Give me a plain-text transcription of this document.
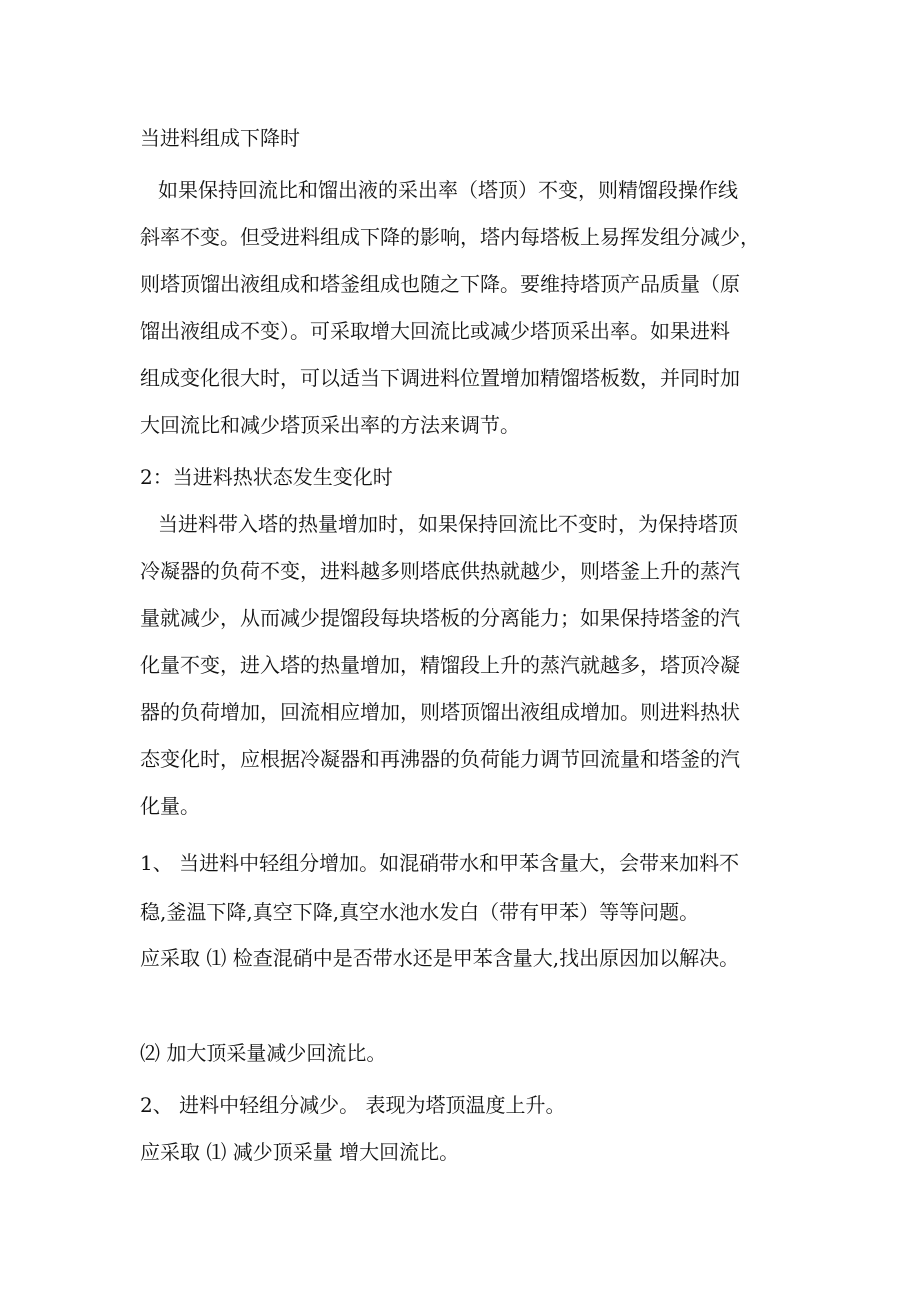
当进料组成下降时
如果保持回流比和馏出液的采出率（塔顶）不变，则精馏段操作线
斜率不变。但受进料组成下降的影响，塔内每塔板上易挥发组分减少，
则塔顶馏出液组成和塔釜组成也随之下降。要维持塔顶产品质量（原
馏出液组成不变）。可采取增大回流比或减少塔顶采出率。如果进料
组成变化很大时，可以适当下调进料位置增加精馏塔板数，并同时加
大回流比和减少塔顶采出率的方法来调节。
2：当进料热状态发生变化时
当进料带入塔的热量增加时，如果保持回流比不变时，为保持塔顶
冷凝器的负荷不变，进料越多则塔底供热就越少，则塔釜上升的蒸汽
量就减少，从而减少提馏段每块塔板的分离能力；如果保持塔釜的汽
化量不变，进入塔的热量增加，精馏段上升的蒸汽就越多，塔顶冷凝
器的负荷增加，回流相应增加，则塔顶馏出液组成增加。则进料热状
态变化时，应根据冷凝器和再沸器的负荷能力调节回流量和塔釜的汽
化量。
1、 当进料中轻组分增加。如混硝带水和甲苯含量大，会带来加料不
稳,釜温下降,真空下降,真空水池水发白（带有甲苯）等等问题。
应采取 ⑴ 检查混硝中是否带水还是甲苯含量大,找出原因加以解决。
⑵ 加大顶采量减少回流比。
2、 进料中轻组分减少。 表现为塔顶温度上升。
应采取 ⑴ 减少顶采量 增大回流比。
